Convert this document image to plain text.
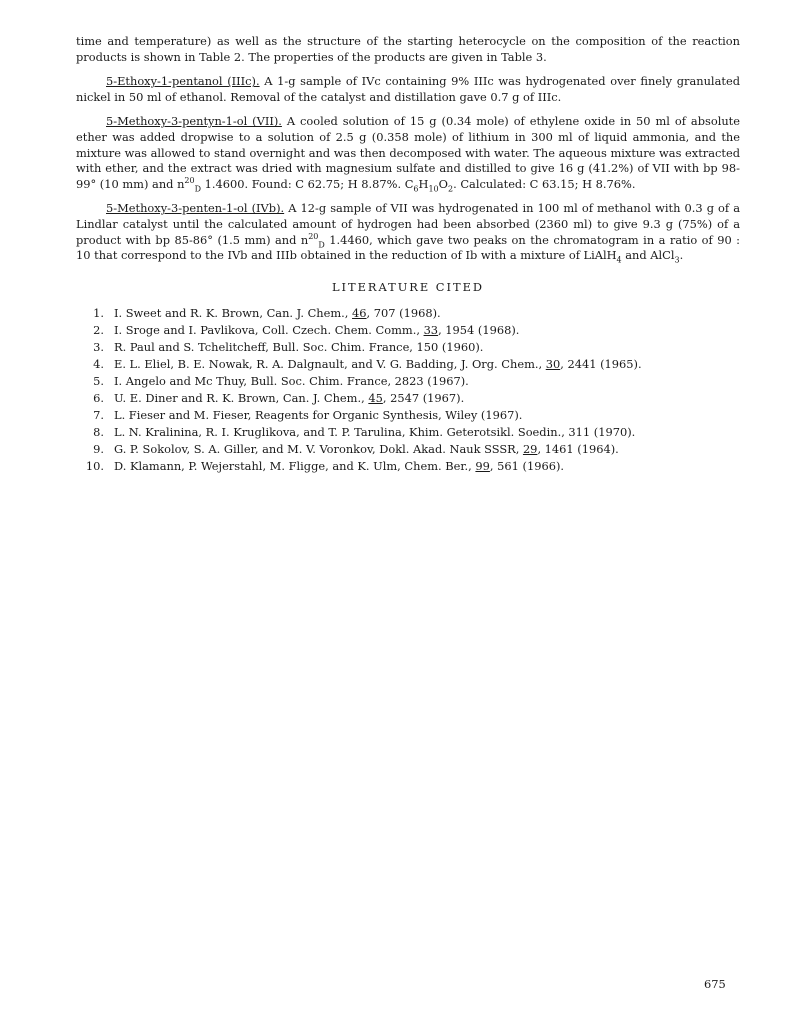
time and temperature) as well as the structure of the starting heterocycle on the composition of the reaction products is shown in Table 2. The properties of the products are given in Table 3.

5-Ethoxy-1-pentanol (IIIc). A 1-g sample of IVc containing 9% IIIc was hydrogenated over finely granulated nickel in 50 ml of ethanol. Removal of the catalyst and distillation gave 0.7 g of IIIc.

5-Methoxy-3-pentyn-1-ol (VII). A cooled solution of 15 g (0.34 mole) of ethylene oxide in 50 ml of absolute ether was added dropwise to a solution of 2.5 g (0.358 mole) of lithium in 300 ml of liquid ammonia, and the mixture was allowed to stand overnight and was then decomposed with water. The aqueous mixture was extracted with ether, and the extract was dried with magnesium sulfate and distilled to give 16 g (41.2%) of VII with bp 98-99° (10 mm) and $n^{20}_D$ 1.4600. Found: C 62.75; H 8.87%. $C_6H_{10}O_2$. Calculated: C 63.15; H 8.76%.

5-Methoxy-3-penten-1-ol (IVb). A 12-g sample of VII was hydrogenated in 100 ml of methanol with 0.3 g of a Lindlar catalyst until the calculated amount of hydrogen had been absorbed (2360 ml) to give 9.3 g (75%) of a product with bp 85-86° (1.5 mm) and $n^{20}_D$ 1.4460, which gave two peaks on the chromatogram in a ratio of 90 : 10 that correspond to the IVb and IIIb obtained in the reduction of Ib with a mixture of LiAlH$_4$ and AlCl$_3$.

LITERATURE CITED
1. I. Sweet and R. K. Brown, Can. J. Chem., 46, 707 (1968).
2. I. Sroge and I. Pavlikova, Coll. Czech. Chem. Comm., 33, 1954 (1968).
3. R. Paul and S. Tchelitcheff, Bull. Soc. Chim. France, 150 (1960).
4. E. L. Eliel, B. E. Nowak, R. A. Dalgnault, and V. G. Badding, J. Org. Chem., 30, 2441 (1965).
5. I. Angelo and Mc Thuy, Bull. Soc. Chim. France, 2823 (1967).
6. U. E. Diner and R. K. Brown, Can. J. Chem., 45, 2547 (1967).
7. L. Fieser and M. Fieser, Reagents for Organic Synthesis, Wiley (1967).
8. L. N. Kralinina, R. I. Kruglikova, and T. P. Tarulina, Khim. Geterotsikl. Soedin., 311 (1970).
9. G. P. Sokolov, S. A. Giller, and M. V. Voronkov, Dokl. Akad. Nauk SSSR, 29, 1461 (1964).
10. D. Klamann, P. Wejerstahl, M. Fligge, and K. Ulm, Chem. Ber., 99, 561 (1966).
675
